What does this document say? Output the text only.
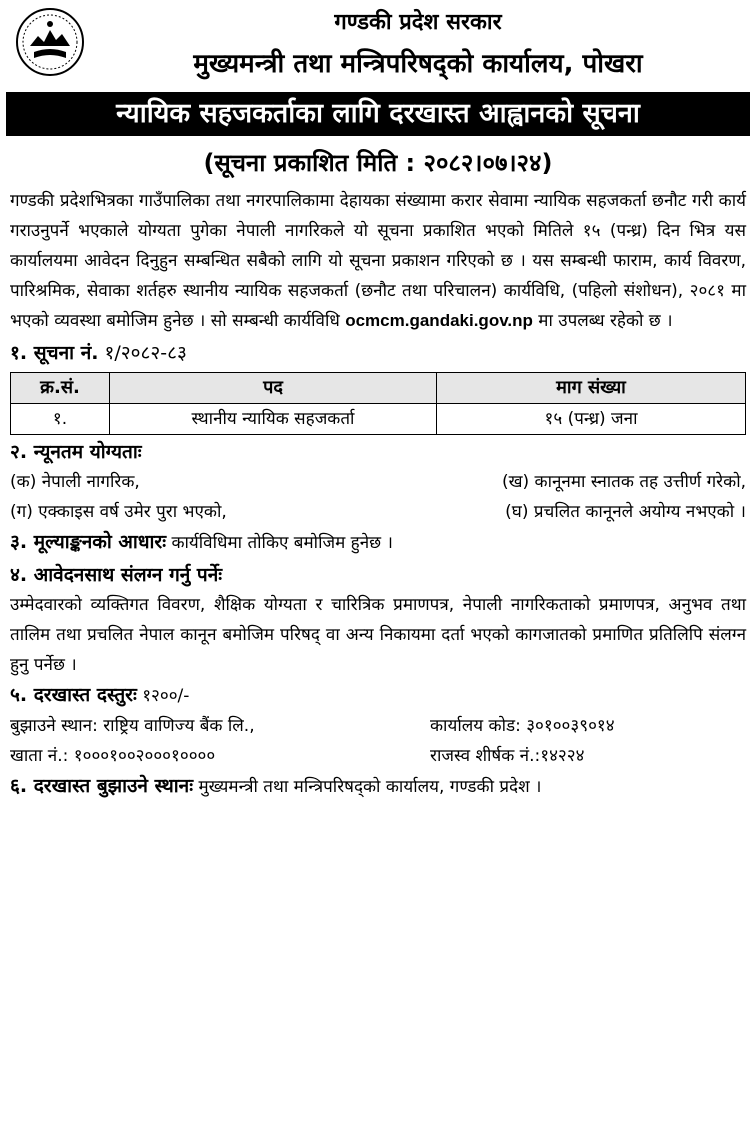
गण्डकी प्रदेश सरकार
मुख्यमन्त्री तथा मन्त्रिपरिषद्को कार्यालय, पोखरा
न्यायिक सहजकर्ताका लागि दरखास्त आह्वानको सूचना
(सूचना प्रकाशित मिति : २०८२।०७।२४)

गण्डकी प्रदेशभित्रका गाउँपालिका तथा नगरपालिकामा देहायका संख्यामा करार सेवामा न्यायिक सहजकर्ता छनौट गरी कार्य गराउनुपर्ने भएकाले योग्यता पुगेका नेपाली नागरिकले यो सूचना प्रकाशित भएको मितिले १५ (पन्ध्र) दिन भित्र यस कार्यालयमा आवेदन दिनुहुन सम्बन्धित सबैको लागि यो सूचना प्रकाशन गरिएको छ । यस सम्बन्धी फाराम, कार्य विवरण, पारिश्रमिक, सेवाका शर्तहरु स्थानीय न्यायिक सहजकर्ता (छनौट तथा परिचालन) कार्यविधि, (पहिलो संशोधन), २०८१ मा भएको व्यवस्था बमोजिम हुनेछ । सो सम्बन्धी कार्यविधि ocmcm.gandaki.gov.np मा उपलब्ध रहेको छ ।

१. सूचना नं. १/२०८२-८३
क्र.सं.	पद	माग संख्या
१.	स्थानीय न्यायिक सहजकर्ता	१५ (पन्ध्र) जना
२. न्यूनतम योग्यताः
(क) नेपाली नागरिक,	(ख) कानूनमा स्नातक तह उत्तीर्ण गरेको,
(ग) एक्काइस वर्ष उमेर पुरा भएको,	(घ) प्रचलित कानूनले अयोग्य नभएको ।
३. मूल्याङ्कनको आधारः कार्यविधिमा तोकिए बमोजिम हुनेछ ।
४. आवेदनसाथ संलग्न गर्नु पर्नेः

उम्मेदवारको व्यक्तिगत विवरण, शैक्षिक योग्यता र चारित्रिक प्रमाणपत्र, नेपाली नागरिकताको प्रमाणपत्र, अनुभव तथा तालिम तथा प्रचलित नेपाल कानून बमोजिम परिषद् वा अन्य निकायमा दर्ता भएको कागजातको प्रमाणित प्रतिलिपि संलग्न हुनु पर्नेछ ।

५. दरखास्त दस्तुरः १२००/-
बुझाउने स्थान: राष्ट्रिय वाणिज्य बैंक लि.,	कार्यालय कोड: ३०१००३९०१४
खाता नं.: १०००१००२०००१००००	राजस्व शीर्षक नं.:१४२२४

६. दरखास्त बुझाउने स्थानः मुख्यमन्त्री तथा मन्त्रिपरिषद्को कार्यालय, गण्डकी प्रदेश ।
